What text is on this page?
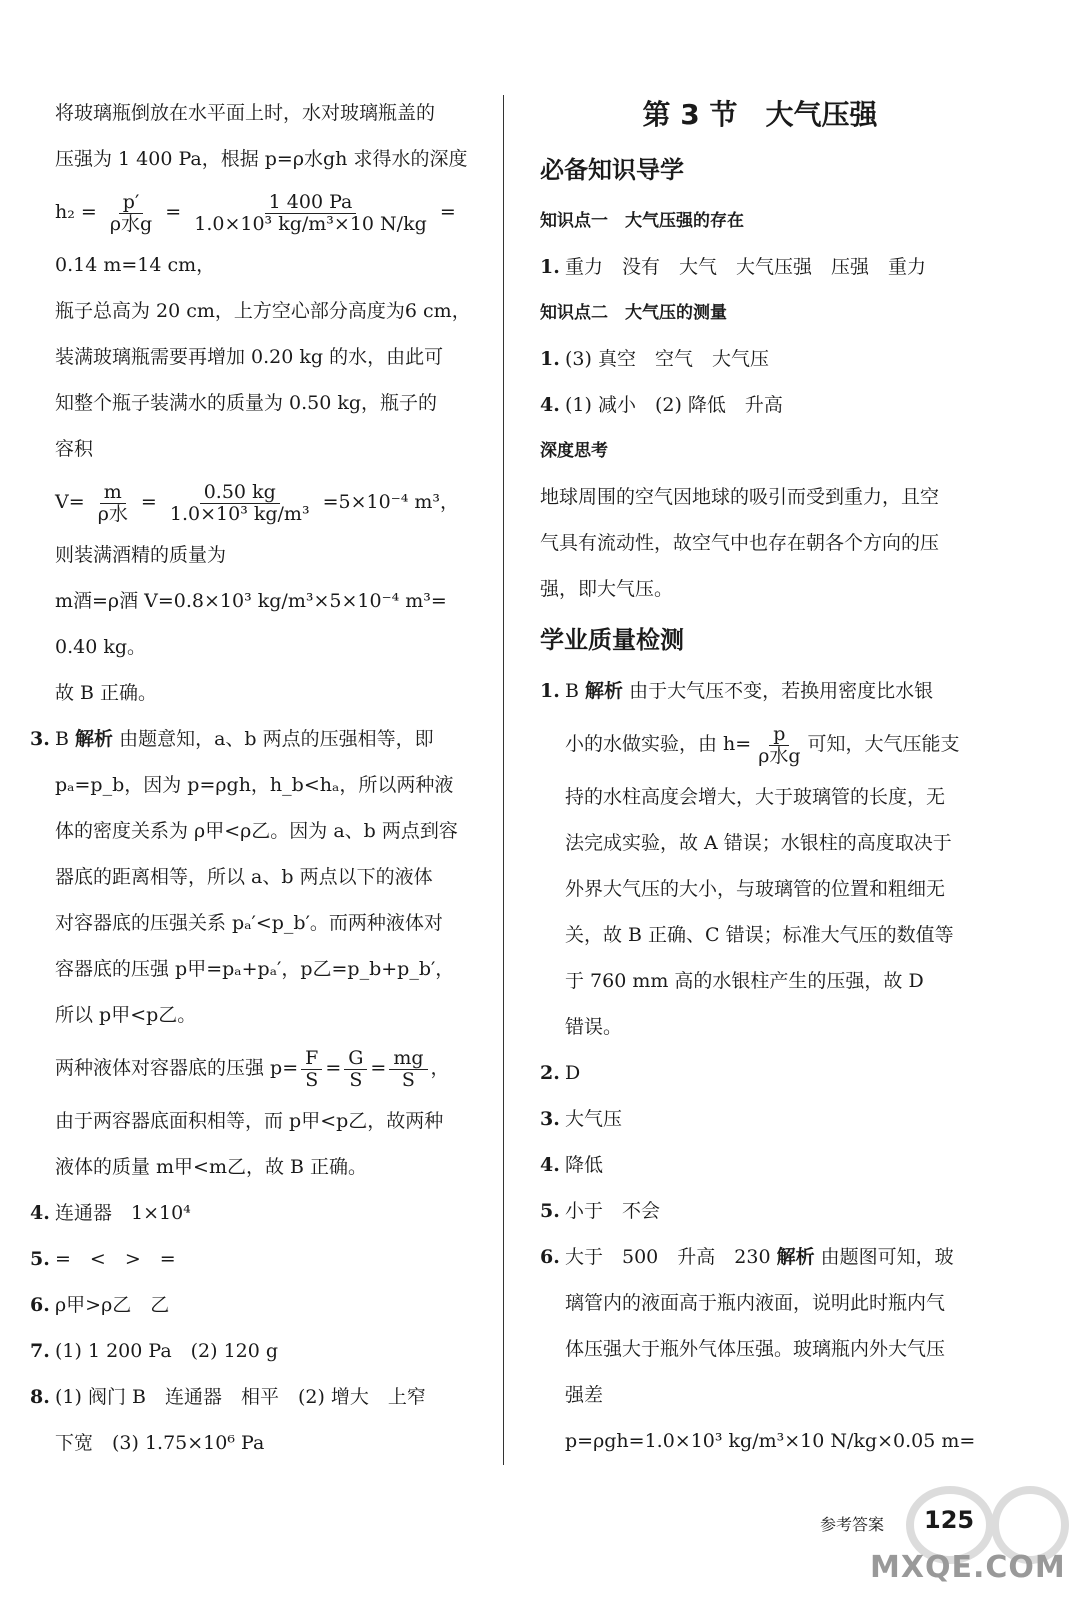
将玻璃瓶倒放在水平面上时，水对玻璃瓶盖的
压强为 1 400 Pa，根据 p=ρ水gh 求得水的深度
$h_2 = \frac{p'}{\text{ρ水g}} = \frac{1 400 Pa}{\text{1.0×10³ kg/m³×10 N/kg}}$ =
0.14 m=14 cm，
瓶子总高为 20 cm，上方空心部分高度为6 cm，
装满玻璃瓶需要再增加 0.20 kg 的水，由此可
知整个瓶子装满水的质量为 0.50 kg，瓶子的
容积
$V= \frac{m}{\text{ρ水}} = \frac{0.50 kg}{\text{1.0×10³ kg/m³}} =5\times 10^{-4}$ m³，
则装满酒精的质量为
m酒=ρ酒 V=0.8×10³ kg/m³×5×10⁻⁴ m³=
0.40 kg。
故 B 正确。
3. B 解析 由题意知，a、b 两点的压强相等，即
pₐ=p_b，因为 p=ρgh，h_b<hₐ，所以两种液
体的密度关系为 ρ甲<ρ乙。因为 a、b 两点到容
器底的距离相等，所以 a、b 两点以下的液体
对容器底的压强关系 pₐ′<p_b′。而两种液体对
容器底的压强 p甲=pₐ+pₐ′，p乙=p_b+p_b′，
所以 p甲<p乙。
两种液体对容器底的压强 $p= \frac{F}{S} = \frac{G}{S} = \frac{mg}{S}$ ，
由于两容器底面积相等，而 p甲<p乙，故两种
液体的质量 m甲<m乙，故 B 正确。
4. 连通器　1×10⁴
5. =　<　>　=
6. ρ甲>ρ乙　乙
7. (1) 1 200 Pa　(2) 120 g
8. (1) 阀门 B　连通器　相平　(2) 增大　上窄
下宽　(3) 1.75×10⁶ Pa
第 3 节　大气压强
必备知识导学
知识点一　大气压强的存在
1. 重力　没有　大气　大气压强　压强　重力
知识点二　大气压的测量
1. (3) 真空　空气　大气压
4. (1) 减小　(2) 降低　升高
深度思考
地球周围的空气因地球的吸引而受到重力，且空
气具有流动性，故空气中也存在朝各个方向的压
强，即大气压。
学业质量检测
1. B 解析 由于大气压不变，若换用密度比水银
小的水做实验，由 $h= \frac{p}{\text{ρ水g}}$ 可知，大气压能支
持的水柱高度会增大，大于玻璃管的长度，无
法完成实验，故 A 错误；水银柱的高度取决于
外界大气压的大小，与玻璃管的位置和粗细无
关，故 B 正确、C 错误；标准大气压的数值等
于 760 mm 高的水银柱产生的压强，故 D
错误。
2. D
3. 大气压
4. 降低
5. 小于　不会
6. 大于　500　升高　230 解析 由题图可知，玻
璃管内的液面高于瓶内液面，说明此时瓶内气
体压强大于瓶外气体压强。玻璃瓶内外大气压
强差
p=ρgh=1.0×10³ kg/m³×10 N/kg×0.05 m=
参考答案 125
MXQE.COM
